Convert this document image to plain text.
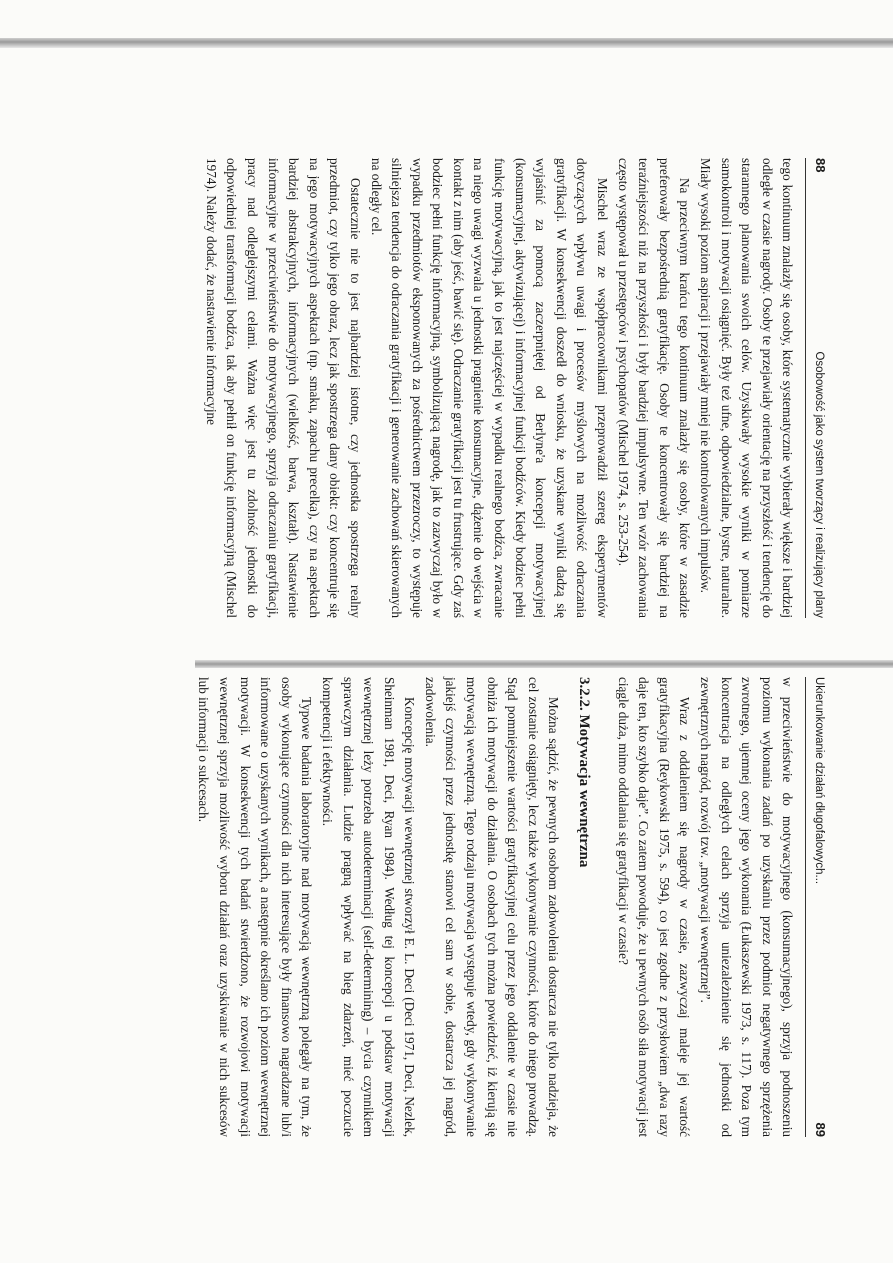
88
Osobowość jako system tworzący i realizujący plany

tego kontinuum znalazły się osoby, które systematycznie wybierały większe i bardziej odległe w czasie nagrody. Osoby te przejawiały orientację na przyszłość i tendencję do starannego planowania swoich celów. Uzyskiwały wysokie wyniki w pomiarze samokontroli i motywacji osiągnięć. Były też ufne, odpowiedzialne, bystre, naturalne. Miały wysoki poziom aspiracji i przejawiały mniej nie kontrolowanych impulsów.

Na przeciwnym krańcu tego kontinuum znalazły się osoby, które w zasadzie preferowały bezpośrednią gratyfikację. Osoby te koncentrowały się bardziej na teraźniejszości niż na przyszłości i były bardziej impulsywne. Ten wzór zachowania często występował u przestępców i psychopatów (Mischel 1974, s. 253-254).

Mischel wraz ze współpracownikami przeprowadził szereg eksperymentów dotyczących wpływu uwagi i procesów myślowych na możliwość odraczania gratyfikacji. W konsekwencji doszedł do wniosku, że uzyskane wyniki dadzą się wyjaśnić za pomocą zaczerpniętej od Berlyne'a koncepcji motywacyjnej (konsumacyjnej, aktywizującej) i informacyjnej funkcji bodźców. Kiedy bodziec pełni funkcję motywacyjną, jak to jest najczęściej w wypadku realnego bodźca, zwracanie na niego uwagi wyzwala u jednostki pragnienie konsumacyjne, dążenie do wejścia w kontakt z nim (aby jeść, bawić się). Odraczanie gratyfikacji jest tu frustrujące. Gdy zaś bodziec pełni funkcję informacyjną, symbolizującą nagrodę, jak to zazwyczaj było w wypadku przedmiotów eksponowanych za pośrednictwem przezroczy, to występuje silniejsza tendencja do odraczania gratyfikacji i generowanie zachowań skierowanych na odległy cel.

Ostatecznie nie to jest najbardziej istotne, czy jednostka spostrzega realny przedmiot, czy tylko jego obraz, lecz jak spostrzega dany obiekt: czy koncentruje się na jego motywacyjnych aspektach (np. smaku, zapachu precelka), czy na aspektach bardziej abstrakcyjnych, informacyjnych (wielkość, barwa, kształt). Nastawienie informacyjne w przeciwieństwie do motywacyjnego, sprzyja odraczaniu gratyfikacji, pracy nad odleglejszymi celami. Ważna więc jest tu zdolność jednostki do odpowiedniej transformacji bodźca, tak aby pełnił on funkcję informacyjną (Mischel 1974). Należy dodać, że nastawienie informacyjne

Ukierunkowanie działań długofalowych...
89

w przeciwieństwie do motywacyjnego (konsumacyjnego), sprzyja podnoszeniu poziomu wykonania zadań po uzyskaniu przez podmiot negatywnego sprzężenia zwrotnego, ujemnej oceny jego wykonania (Łukaszewski 1973, s. 117). Poza tym koncentracja na odległych celach sprzyja uniezależnienie się jednostki od zewnętrznych nagród, rozwój tzw. „motywacji wewnętrznej”.

Wraz z oddaleniem się nagrody w czasie, zazwyczaj maleje jej wartość gratyfikacyjna (Reykowski 1975, s. 594), co jest zgodne z przysłowiem „dwa razy daje ten, kto szybko daje”. Co zatem powoduje, że u pewnych osób siła motywacji jest ciągle duża, mimo oddalania się gratyfikacji w czasie?

3.2.2. Motywacja wewnętrzna

Można sądzić, że pewnych osobom zadowolenia dostarcza nie tylko nadzieja, że cel zostanie osiągnięty, lecz także wykonywanie czynności, które do niego prowadzą. Stąd pomniejszenie wartości gratyfikacyjnej celu przez jego oddalenie w czasie nie obniża ich motywacji do działania. O osobach tych można powiedzieć, iż kierują się motywacją wewnętrzną. Tego rodzaju motywacja występuje wtedy, gdy wykonywanie jakiejś czynności przez jednostkę stanowi cel sam w sobie, dostarcza jej nagród, zadowolenia.

Koncepcję motywacji wewnętrznej stworzył E. L. Deci (Deci 1971, Deci, Nezlek, Sheinman 1981, Deci, Ryan 1984). Według tej koncepcji u podstaw motywacji wewnętrznej leży potrzeba autodeterminacji (self-determining) – bycia czynnikiem sprawczym działania. Ludzie pragną wpływać na bieg zdarzeń, mieć poczucie kompetencji i efektywności.

Typowe badania laboratoryjne nad motywacją wewnętrzną polegały na tym, że osoby wykonujące czynności dla nich interesujące były finansowo nagradzane lub/i informowane o uzyskanych wynikach, a następnie określano ich poziom wewnętrznej motywacji. W konsekwencji tych badań stwierdzono, że rozwojowi motywacji wewnętrznej sprzyja możliwość wyboru działań oraz uzyskiwanie w nich sukcesów lub informacji o sukcesach.
